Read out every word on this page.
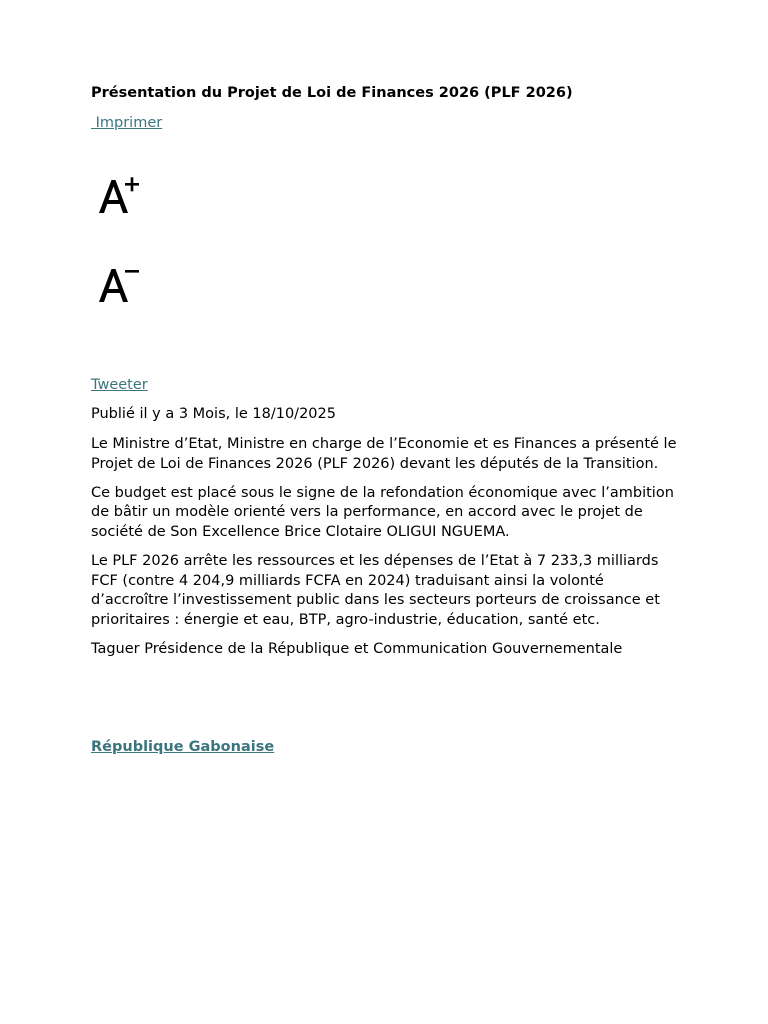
Présentation du Projet de Loi de Finances 2026 (PLF 2026)
Imprimer
Tweeter

Publié il y a 3 Mois, le 18/10/2025

Le Ministre d’Etat, Ministre en charge de l’Economie et es Finances a présenté le Projet de Loi de Finances 2026 (PLF 2026) devant les députés de la Transition.

Ce budget est placé sous le signe de la refondation économique avec l’ambition de bâtir un modèle orienté vers la performance, en accord avec le projet de société de Son Excellence Brice Clotaire OLIGUI NGUEMA.

Le PLF 2026 arrête les ressources et les dépenses de l’Etat à 7 233,3 milliards FCF (contre 4 204,9 milliards FCFA en 2024) traduisant ainsi la volonté d’accroître l’investissement public dans les secteurs porteurs de croissance et prioritaires : énergie et eau, BTP, agro-industrie, éducation, santé etc.

Taguer Présidence de la République et Communication Gouvernementale

République Gabonaise
